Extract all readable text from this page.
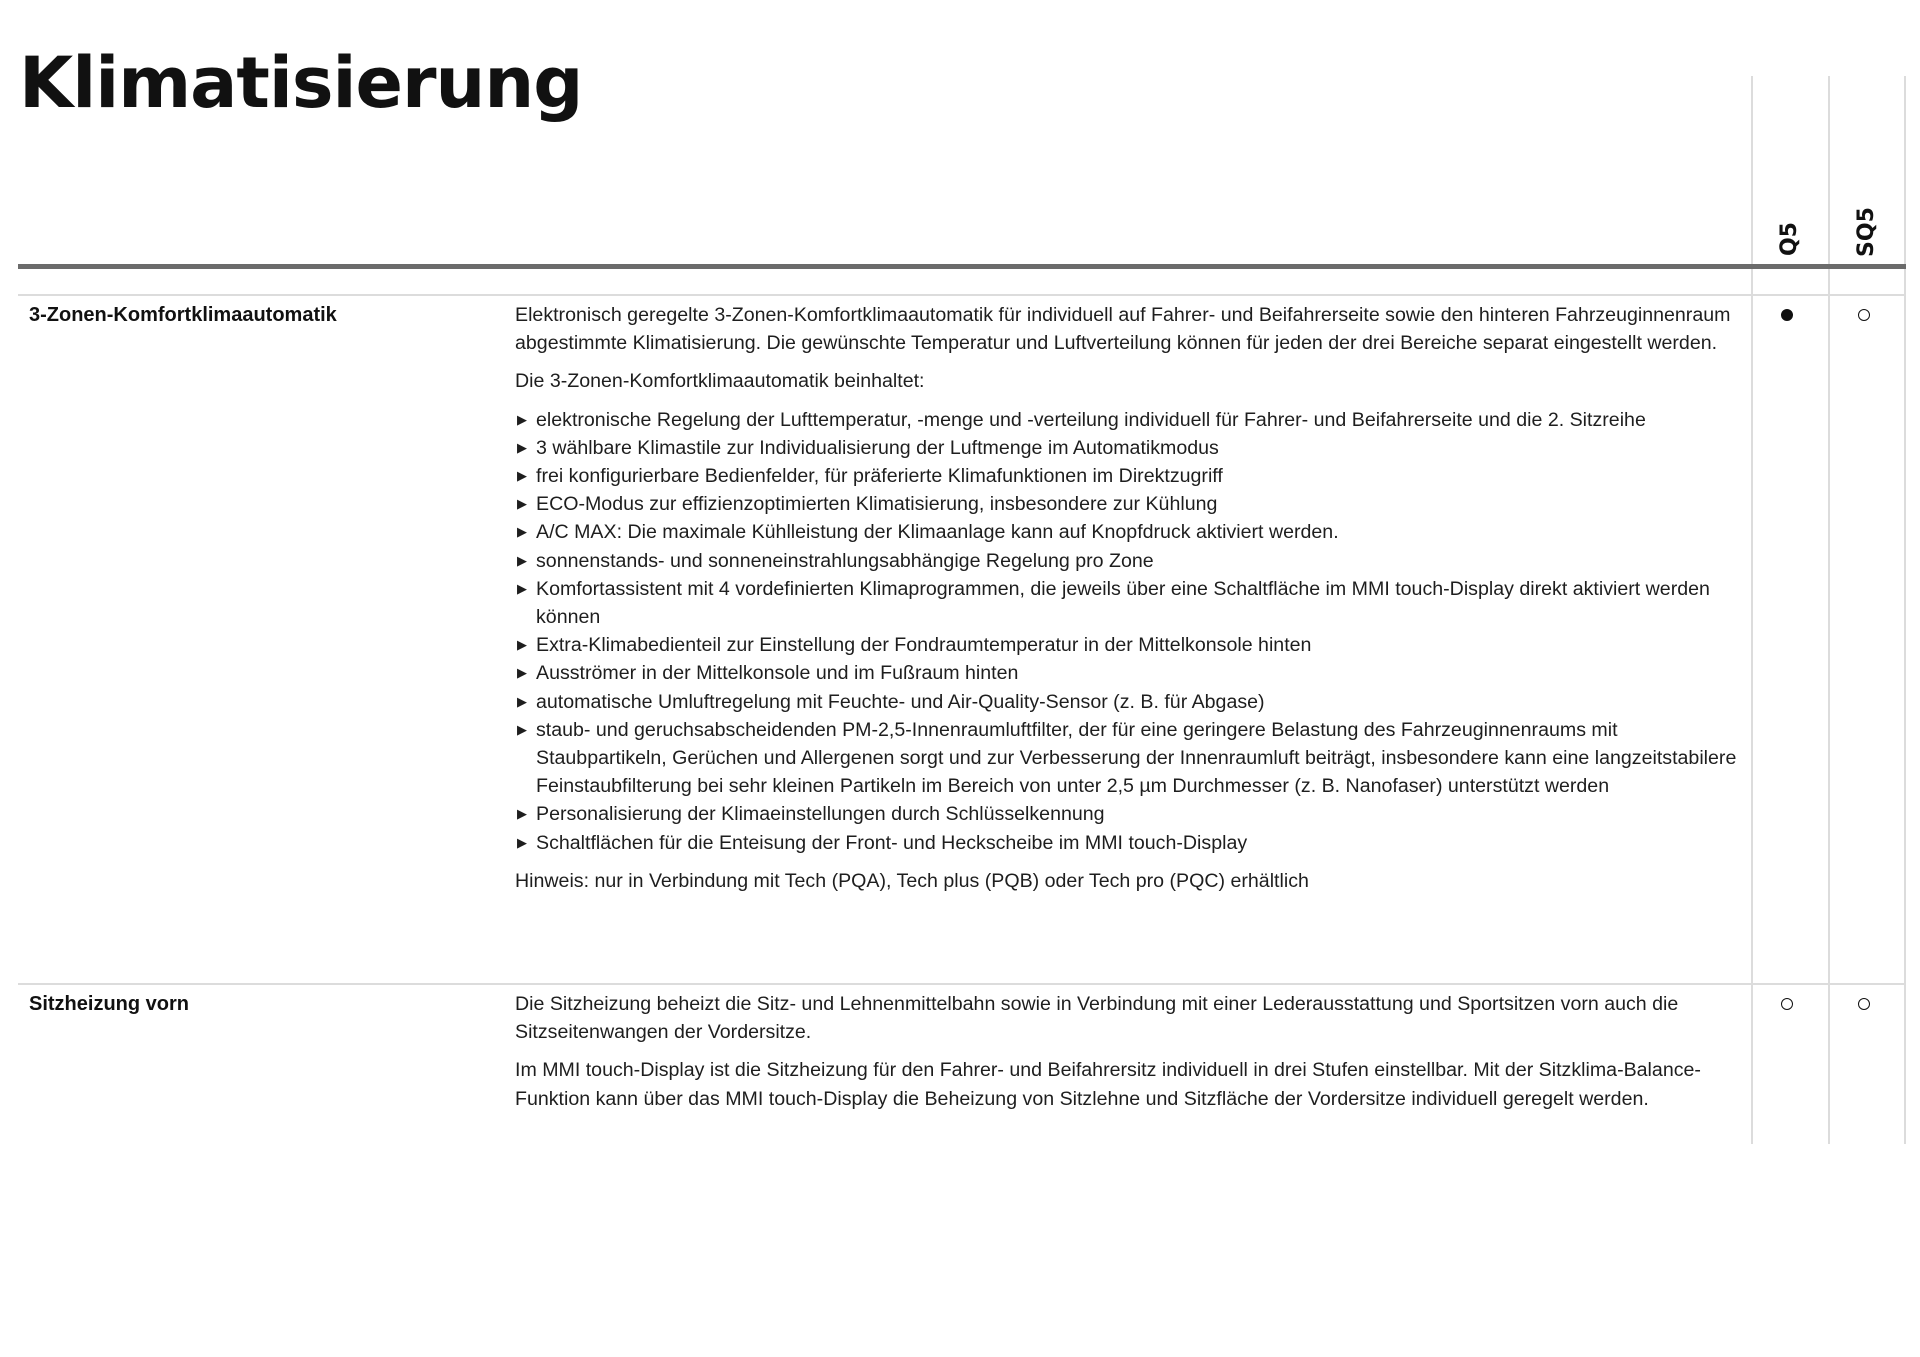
Klimatisierung
Q5 SQ5
3-Zonen-Komfortklimaautomatik	Elektronisch geregelte 3-Zonen-Komfortklimaautomatik für individuell auf Fahrer- und Beifahrerseite sowie den hinteren Fahrzeuginnenraum abgestimmte Klimatisierung. Die gewünschte Temperatur und Luftverteilung können für jeden der drei Bereiche separat eingestellt werden.

Die 3-Zonen-Komfortklimaautomatik beinhaltet:

▶ elektronische Regelung der Lufttemperatur, -menge und -verteilung individuell für Fahrer- und Beifahrerseite und die 2. Sitzreihe
▶ 3 wählbare Klimastile zur Individualisierung der Luftmenge im Automatikmodus
▶ frei konfigurierbare Bedienfelder, für präferierte Klimafunktionen im Direktzugriff
▶ ECO-Modus zur effizienzoptimierten Klimatisierung, insbesondere zur Kühlung
▶ A/C MAX: Die maximale Kühlleistung der Klimaanlage kann auf Knopfdruck aktiviert werden.
▶ sonnenstands- und sonneneinstrahlungsabhängige Regelung pro Zone
▶ Komfortassistent mit 4 vordefinierten Klimaprogrammen, die jeweils über eine Schaltfläche im MMI touch-Display direkt aktiviert werden können
▶ Extra-Klimabedienteil zur Einstellung der Fondraumtemperatur in der Mittelkonsole hinten
▶ Ausströmer in der Mittelkonsole und im Fußraum hinten
▶ automatische Umluftregelung mit Feuchte- und Air-Quality-Sensor (z. B. für Abgase)
▶ staub- und geruchsabscheidenden PM-2,5-Innenraumluftfilter, der für eine geringere Belastung des Fahrzeuginnenraums mit Staubpartikeln, Gerüchen und Allergenen sorgt und zur Verbesserung der Innenraumluft beiträgt, insbesondere kann eine langzeitstabilere Feinstaubfilterung bei sehr kleinen Partikeln im Bereich von unter 2,5 µm Durchmesser (z. B. Nanofaser) unterstützt werden
▶ Personalisierung der Klimaeinstellungen durch Schlüsselkennung
▶ Schaltflächen für die Enteisung der Front- und Heckscheibe im MMI touch-Display

Hinweis: nur in Verbindung mit Tech (PQA), Tech plus (PQB) oder Tech pro (PQC) erhältlich

Sitzheizung vorn	Die Sitzheizung beheizt die Sitz- und Lehnenmittelbahn sowie in Verbindung mit einer Lederausstattung und Sportsitzen vorn auch die Sitzseitenwangen der Vordersitze.

Im MMI touch-Display ist die Sitzheizung für den Fahrer- und Beifahrersitz individuell in drei Stufen einstellbar. Mit der Sitzklima-Balance-Funktion kann über das MMI touch-Display die Beheizung von Sitzlehne und Sitzfläche der Vordersitze individuell geregelt werden.
